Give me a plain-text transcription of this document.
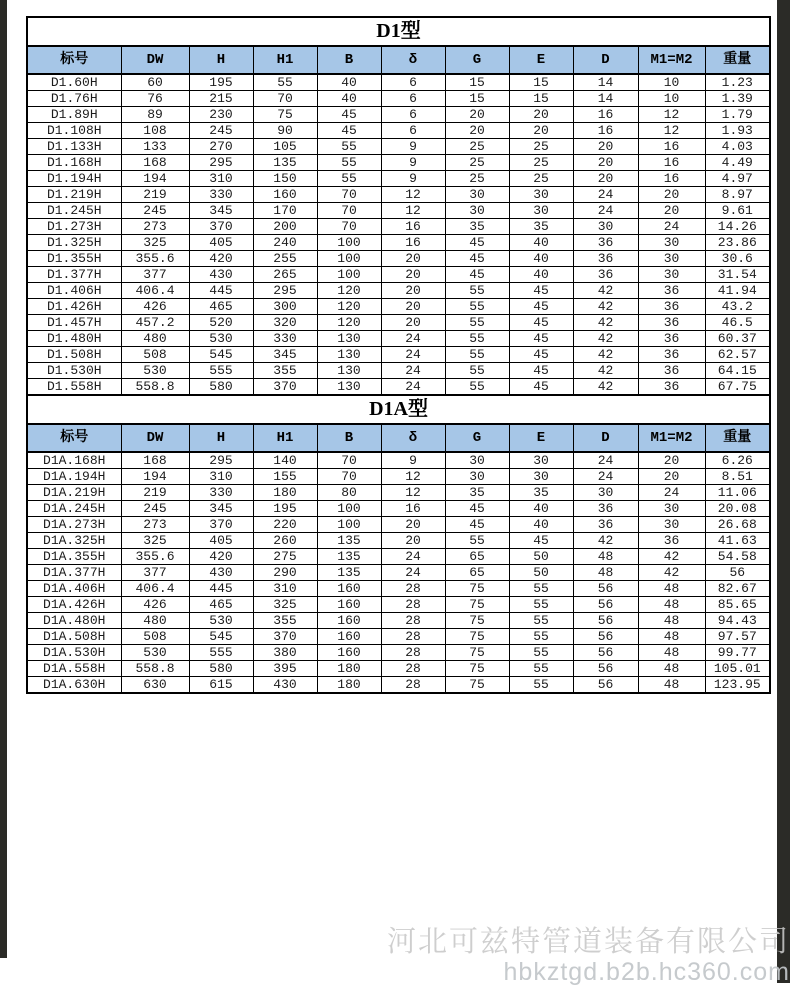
D1型										
标号	DW	H	H1	B	δ	G	E	D	M1=M2	重量
D1.60H	60	195	55	40	6	15	15	14	10	1.23
D1.76H	76	215	70	40	6	15	15	14	10	1.39
D1.89H	89	230	75	45	6	20	20	16	12	1.79
D1.108H	108	245	90	45	6	20	20	16	12	1.93
D1.133H	133	270	105	55	9	25	25	20	16	4.03
D1.168H	168	295	135	55	9	25	25	20	16	4.49
D1.194H	194	310	150	55	9	25	25	20	16	4.97
D1.219H	219	330	160	70	12	30	30	24	20	8.97
D1.245H	245	345	170	70	12	30	30	24	20	9.61
D1.273H	273	370	200	70	16	35	35	30	24	14.26
D1.325H	325	405	240	100	16	45	40	36	30	23.86
D1.355H	355.6	420	255	100	20	45	40	36	30	30.6
D1.377H	377	430	265	100	20	45	40	36	30	31.54
D1.406H	406.4	445	295	120	20	55	45	42	36	41.94
D1.426H	426	465	300	120	20	55	45	42	36	43.2
D1.457H	457.2	520	320	120	20	55	45	42	36	46.5
D1.480H	480	530	330	130	24	55	45	42	36	60.37
D1.508H	508	545	345	130	24	55	45	42	36	62.57
D1.530H	530	555	355	130	24	55	45	42	36	64.15
D1.558H	558.8	580	370	130	24	55	45	42	36	67.75
D1A型										
标号	DW	H	H1	B	δ	G	E	D	M1=M2	重量
D1A.168H	168	295	140	70	9	30	30	24	20	6.26
D1A.194H	194	310	155	70	12	30	30	24	20	8.51
D1A.219H	219	330	180	80	12	35	35	30	24	11.06
D1A.245H	245	345	195	100	16	45	40	36	30	20.08
D1A.273H	273	370	220	100	20	45	40	36	30	26.68
D1A.325H	325	405	260	135	20	55	45	42	36	41.63
D1A.355H	355.6	420	275	135	24	65	50	48	42	54.58
D1A.377H	377	430	290	135	24	65	50	48	42	56
D1A.406H	406.4	445	310	160	28	75	55	56	48	82.67
D1A.426H	426	465	325	160	28	75	55	56	48	85.65
D1A.480H	480	530	355	160	28	75	55	56	48	94.43
D1A.508H	508	545	370	160	28	75	55	56	48	97.57
D1A.530H	530	555	380	160	28	75	55	56	48	99.77
D1A.558H	558.8	580	395	180	28	75	55	56	48	105.01
D1A.630H	630	615	430	180	28	75	55	56	48	123.95
河北可兹特管道装备有限公司
hbkztgd.b2b.hc360.com
